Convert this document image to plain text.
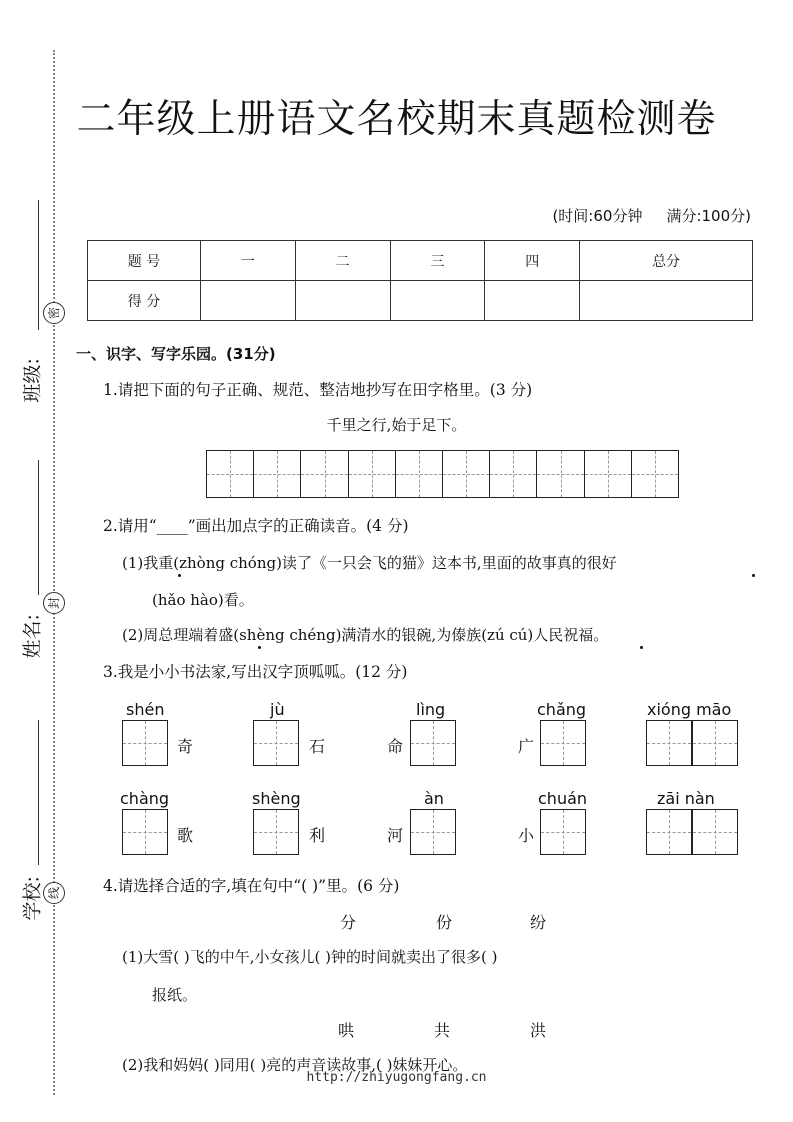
班级:
密
姓名:
封
学校: 线
二年级上册语文名校期末真题检测卷
(时间:60分钟 满分:100分)
题 号	一	二	三	四	总分
得 分					
一、识字、写字乐园。(31分)
1.请把下面的句子正确、规范、整洁地抄写在田字格里。(3 分)
千里之行,始于足下。
2.请用“____”画出加点字的正确读音。(4 分)
(1)我重(zhòng chóng)读了《一只会飞的猫》这本书,里面的故事真的很好
(hǎo hào)看。
(2)周总理端着盛(shèng chéng)满清水的银碗,为傣族(zú cú)人民祝福。
3.我是小小书法家,写出汉字顶呱呱。(12 分)
shén
奇
jù
石
lìng
命
chǎng
广
xióng māo
chàng
歌
shèng
利
àn
河
chuán
小
zāi nàn
4.请选择合适的字,填在句中“( )”里。(6 分)
分	份	纷
(1)大雪( )飞的中午,小女孩儿( )钟的时间就卖出了很多( )
报纸。
哄	共	洪
(2)我和妈妈( )同用( )亮的声音读故事,( )妹妹开心。
http://zhiyugongfang.cn
